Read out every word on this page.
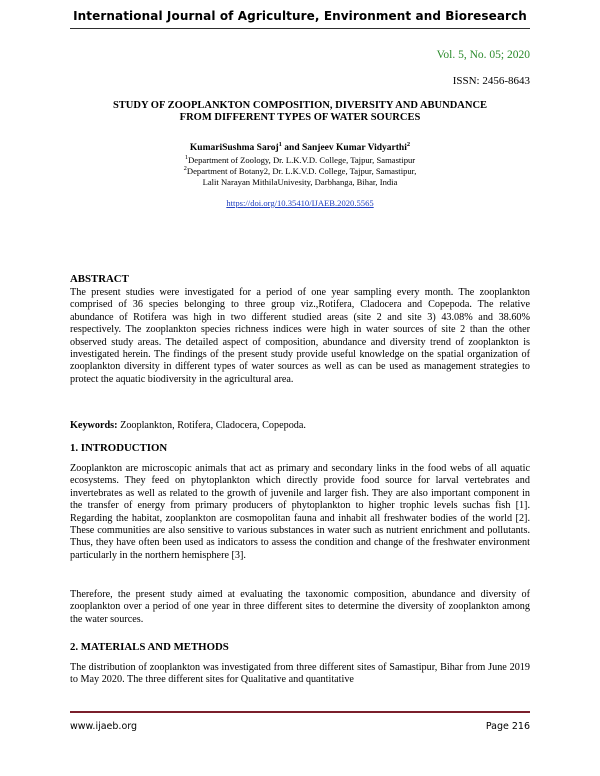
International Journal of Agriculture, Environment and Bioresearch
Vol. 5, No. 05; 2020
ISSN: 2456-8643
STUDY OF ZOOPLANKTON COMPOSITION, DIVERSITY AND ABUNDANCE
FROM DIFFERENT TYPES OF WATER SOURCES
KumariSushma Saroj$^1$ and Sanjeev Kumar Vidyarthi$^2$
$^1$Department of Zoology, Dr. L.K.V.D. College, Tajpur, Samastipur
$^2$Department of Botany2, Dr. L.K.V.D. College, Tajpur, Samastipur,
Lalit Narayan MithilaUnivesity, Darbhanga, Bihar, India
https://doi.org/10.35410/IJAEB.2020.5565
ABSTRACT
The present studies were investigated for a period of one year sampling every month. The zooplankton comprised of 36 species belonging to three group viz.,Rotifera, Cladocera and Copepoda. The relative abundance of Rotifera was high in two different studied areas (site 2 and site 3) 43.08% and 38.60% respectively. The zooplankton species richness indices were high in water sources of site 2 than the other observed study areas. The detailed aspect of composition, abundance and diversity trend of zooplankton is investigated herein. The findings of the present study provide useful knowledge on the spatial organization of zooplankton diversity in different types of water sources as well as can be used as management strategies to protect the aquatic biodiversity in the agricultural area.
Keywords: Zooplankton, Rotifera, Cladocera, Copepoda.
1. INTRODUCTION
Zooplankton are microscopic animals that act as primary and secondary links in the food webs of all aquatic ecosystems. They feed on phytoplankton which directly provide food source for larval vertebrates and invertebrates as well as related to the growth of juvenile and larger fish. They are also important component in the transfer of energy from primary producers of phytoplankton to higher trophic levels suchas fish [1]. Regarding the habitat, zooplankton are cosmopolitan fauna and inhabit all freshwater bodies of the world [2]. These communities are also sensitive to various substances in water such as nutrient enrichment and pollutants. Thus, they have often been used as indicators to assess the condition and change of the freshwater environment particularly in the northern hemisphere [3].
Therefore, the present study aimed at evaluating the taxonomic composition, abundance and diversity of zooplankton over a period of one year in three different sites to determine the diversity of zooplankton among the water sources.
2. MATERIALS AND METHODS
The distribution of zooplankton was investigated from three different sites of Samastipur, Bihar from June 2019 to May 2020. The three different sites for Qualitative and quantitative
www.ijaeb.org	Page 216
